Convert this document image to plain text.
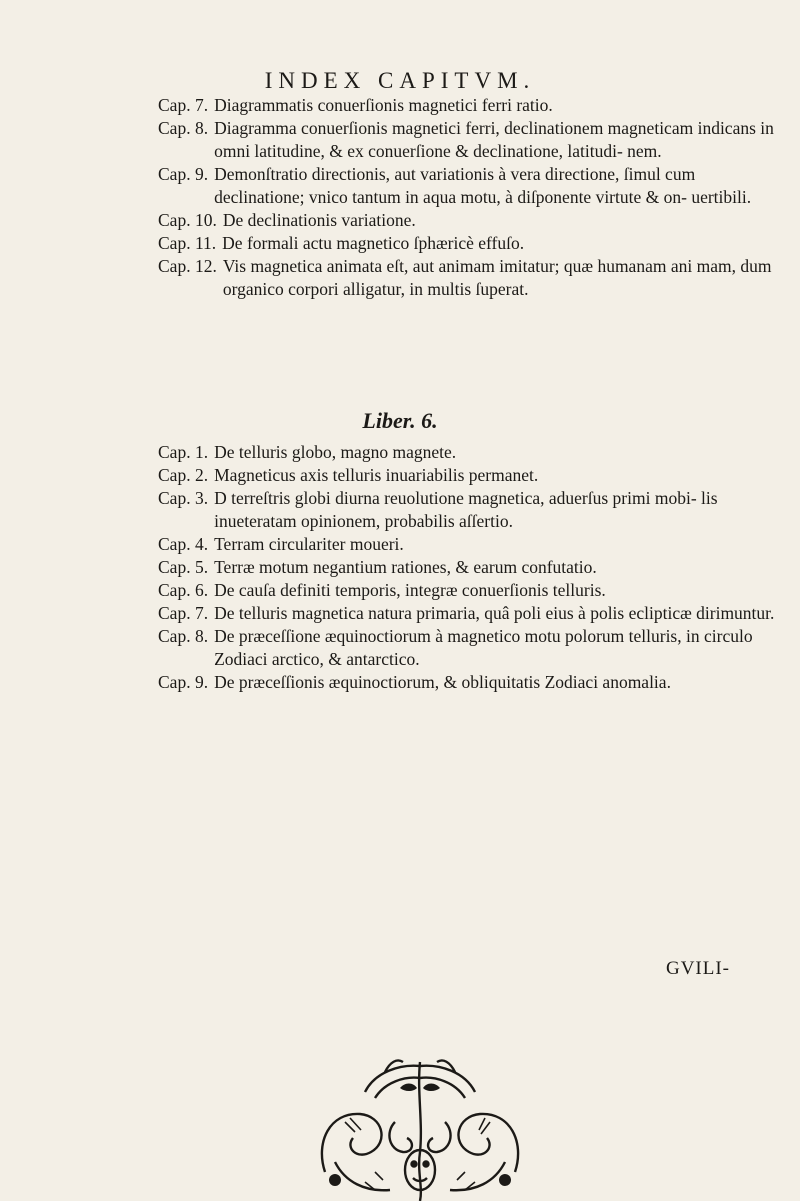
INDEX CAPITVM.
Cap. 7. Diagrammatis conuerſionis magnetici ferri ratio.
Cap. 8. Diagramma conuerſionis magnetici ferri, declinationem magneticam indicans in omni latitudine, & ex conuerſione & declinatione, latitudi- nem.
Cap. 9. Demonſtratio directionis, aut variationis à vera directione, ſimul cum declinatione; vnico tantum in aqua motu, à diſponente virtute & on- uertibili.
Cap. 10. De declinationis variatione.
Cap. 11. De formali actu magnetico ſphæricè effuſo.
Cap. 12. Vis magnetica animata eſt, aut animam imitatur; quæ humanam ani mam, dum organico corpori alligatur, in multis ſuperat.
Liber. 6.
Cap. 1. De telluris globo, magno magnete.
Cap. 2. Magneticus axis telluris inuariabilis permanet.
Cap. 3. D terreſtris globi diurna reuolutione magnetica, aduerſus primi mobi- lis inueteratam opinionem, probabilis aſſertio.
Cap. 4. Terram circulariter moueri.
Cap. 5. Terræ motum negantium rationes, & earum confutatio.
Cap. 6. De cauſa definiti temporis, integræ conuerſionis telluris.
Cap. 7. De telluris magnetica natura primaria, quâ poli eius à polis eclipticæ dirimuntur.
Cap. 8. De præceſſione æquinoctiorum à magnetico motu polorum telluris, in circulo Zodiaci arctico, & antarctico.
Cap. 9. De præceſſionis æquinoctiorum, & obliquitatis Zodiaci anomalia.
GVILI-
